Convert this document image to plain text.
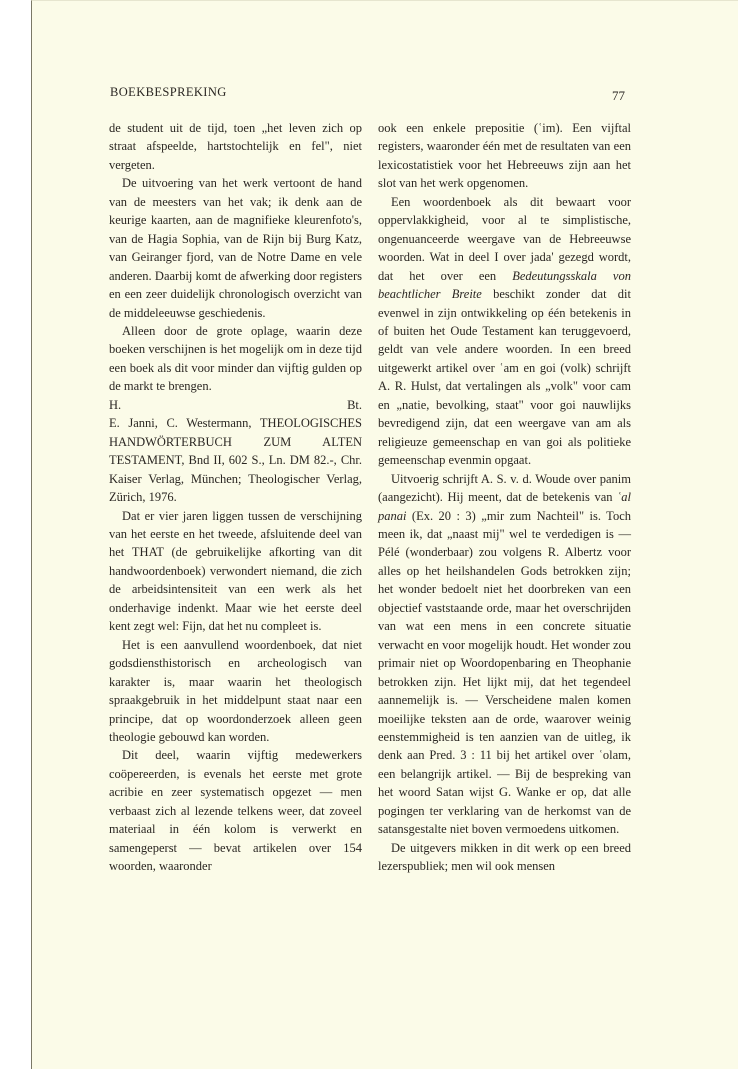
BOEKBESPREKING	77

de student uit de tijd, toen „het leven zich op straat afspeelde, hartstochtelijk en fel", niet vergeten.

De uitvoering van het werk vertoont de hand van de meesters van het vak; ik denk aan de keurige kaarten, aan de magnifieke kleurenfoto's, van de Hagia Sophia, van de Rijn bij Burg Katz, van Geiranger fjord, van de Notre Dame en vele anderen. Daarbij komt de afwerking door registers en een zeer duidelijk chronologisch overzicht van de middeleeuwse geschiedenis.

Alleen door de grote oplage, waarin deze boeken verschijnen is het mogelijk om in deze tijd een boek als dit voor minder dan vijftig gulden op de markt te brengen.

H.	Bt.

E. Janni, C. Westermann, THEOLOGISCHES HANDWÖRTERBUCH ZUM ALTEN TESTAMENT, Bnd II, 602 S., Ln. DM 82.-, Chr. Kaiser Verlag, München; Theologischer Verlag, Zürich, 1976.

Dat er vier jaren liggen tussen de verschijning van het eerste en het tweede, afsluitende deel van het THAT (de gebruikelijke afkorting van dit handwoordenboek) verwondert niemand, die zich de arbeidsintensiteit van een werk als het onderhavige indenkt. Maar wie het eerste deel kent zegt wel: Fijn, dat het nu compleet is.

Het is een aanvullend woordenboek, dat niet godsdiensthistorisch en archeologisch van karakter is, maar waarin het theologisch spraakgebruik in het middelpunt staat naar een principe, dat op woordonderzoek alleen geen theologie gebouwd kan worden.

Dit deel, waarin vijftig medewerkers coöpereerden, is evenals het eerste met grote acribie en zeer systematisch opgezet — men verbaast zich al lezende telkens weer, dat zoveel materiaal in één kolom is verwerkt en samengeperst — bevat artikelen over 154 woorden, waaronder

ook een enkele prepositie (ʿim). Een vijftal registers, waaronder één met de resultaten van een lexicostatistiek voor het Hebreeuws zijn aan het slot van het werk opgenomen.

Een woordenboek als dit bewaart voor oppervlakkigheid, voor al te simplistische, ongenuanceerde weergave van de Hebreeuwse woorden. Wat in deel I over jada' gezegd wordt, dat het over een Bedeutungsskala von beachtlicher Breite beschikt zonder dat dit evenwel in zijn ontwikkeling op één betekenis in of buiten het Oude Testament kan teruggevoerd, geldt van vele andere woorden. In een breed uitgewerkt artikel over ʿam en goi (volk) schrijft A. R. Hulst, dat vertalingen als „volk" voor cam en „natie, bevolking, staat" voor goi nauwlijks bevredigend zijn, dat een weergave van am als religieuze gemeenschap en van goi als politieke gemeenschap evenmin opgaat.

Uitvoerig schrijft A. S. v. d. Woude over panim (aangezicht). Hij meent, dat de betekenis van ʿal panai (Ex. 20 : 3) „mir zum Nachteil" is. Toch meen ik, dat „naast mij" wel te verdedigen is — Pélé (wonderbaar) zou volgens R. Albertz voor alles op het heilshandelen Gods betrokken zijn; het wonder bedoelt niet het doorbreken van een objectief vaststaande orde, maar het overschrijden van wat een mens in een concrete situatie verwacht en voor mogelijk houdt. Het wonder zou primair niet op Woordopenbaring en Theophanie betrokken zijn. Het lijkt mij, dat het tegendeel aannemelijk is. — Verscheidene malen komen moeilijke teksten aan de orde, waarover weinig eenstemmigheid is ten aanzien van de uitleg, ik denk aan Pred. 3 : 11 bij het artikel over ʿolam, een belangrijk artikel. — Bij de bespreking van het woord Satan wijst G. Wanke er op, dat alle pogingen ter verklaring van de herkomst van de satansgestalte niet boven vermoedens uitkomen.

De uitgevers mikken in dit werk op een breed lezerspubliek; men wil ook mensen
